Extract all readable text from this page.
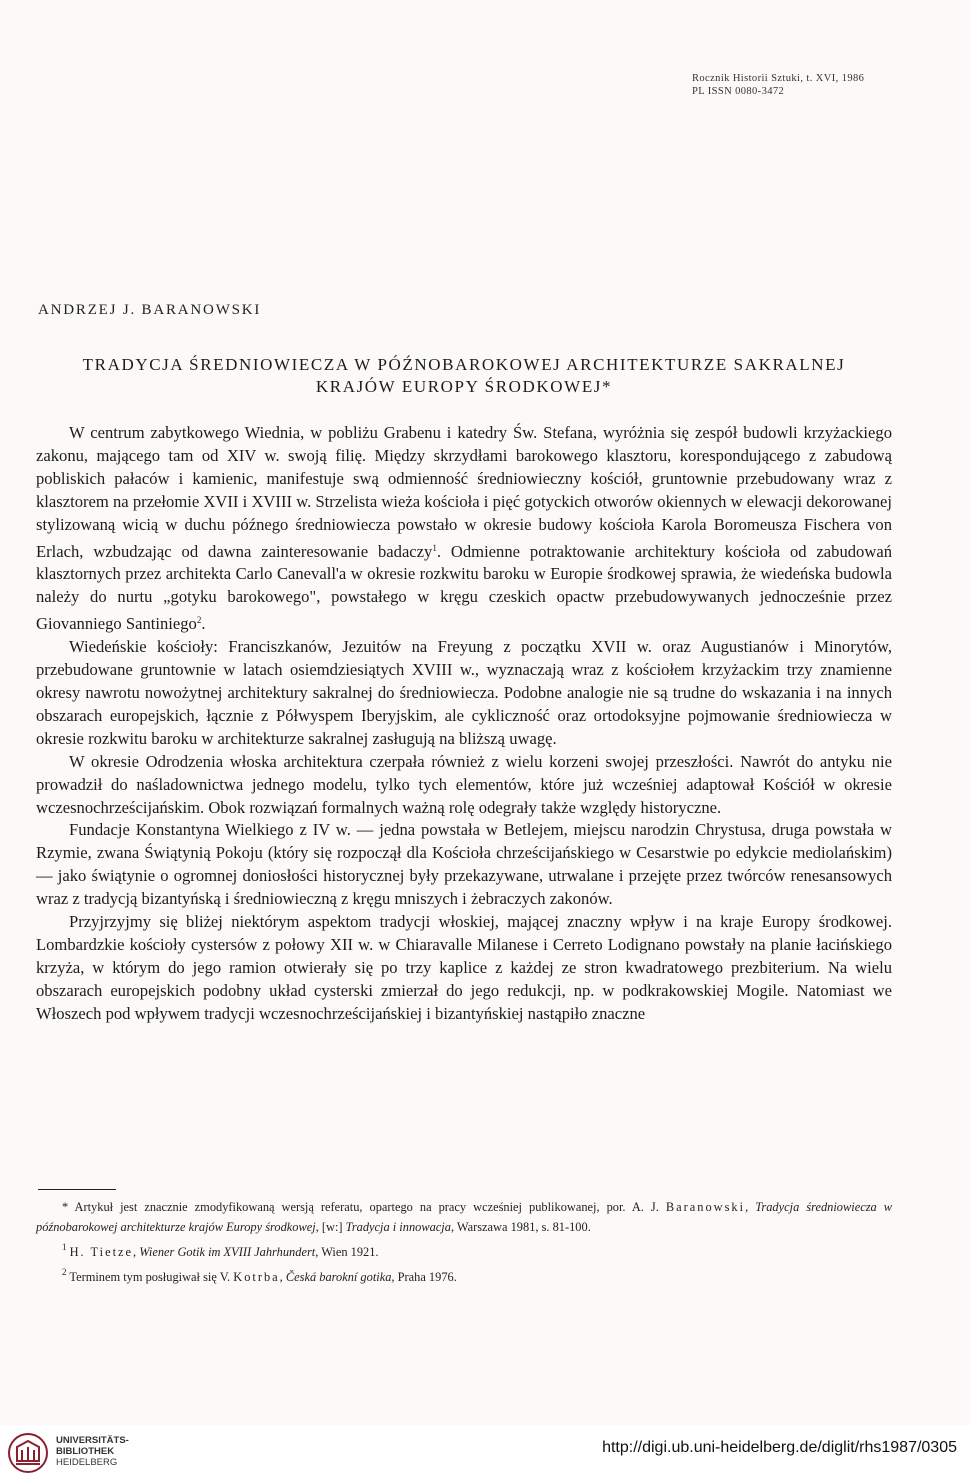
Rocznik Historii Sztuki, t. XVI, 1986
PL ISSN 0080-3472
ANDRZEJ J. BARANOWSKI
TRADYCJA ŚREDNIOWIECZA W PÓŹNOBAROKOWEJ ARCHITEKTURZE SAKRALNEJ
KRAJÓW EUROPY ŚRODKOWEJ*

W centrum zabytkowego Wiednia, w pobliżu Grabenu i katedry Św. Stefana, wyróżnia się zespół budowli krzyżackiego zakonu, mającego tam od XIV w. swoją filię. Między skrzydłami barokowego klasztoru, korespondującego z zabudową pobliskich pałaców i kamienic, manifestuje swą odmienność średniowieczny kościół, gruntownie przebudowany wraz z klasztorem na przełomie XVII i XVIII w. Strzelista wieża kościoła i pięć gotyckich otworów okiennych w elewacji dekorowanej stylizowaną wicią w duchu późnego średniowiecza powstało w okresie budowy kościoła Karola Boromeusza Fischera von Erlach, wzbudzając od dawna zainteresowanie badaczy$^1$. Odmienne potraktowanie architektury kościoła od zabudowań klasztornych przez architekta Carlo Canevall'a w okresie rozkwitu baroku w Europie środkowej sprawia, że wiedeńska budowla należy do nurtu „gotyku barokowego", powstałego w kręgu czeskich opactw przebudowywanych jednocześnie przez Giovanniego Santiniego$^2$.

Wiedeńskie kościoły: Franciszkanów, Jezuitów na Freyung z początku XVII w. oraz Augustianów i Minorytów, przebudowane gruntownie w latach osiemdziesiątych XVIII w., wyznaczają wraz z kościołem krzyżackim trzy znamienne okresy nawrotu nowożytnej architektury sakralnej do średniowiecza. Podobne analogie nie są trudne do wskazania i na innych obszarach europejskich, łącznie z Półwyspem Iberyjskim, ale cykliczność oraz ortodoksyjne pojmowanie średniowiecza w okresie rozkwitu baroku w architekturze sakralnej zasługują na bliższą uwagę.

W okresie Odrodzenia włoska architektura czerpała również z wielu korzeni swojej przeszłości. Nawrót do antyku nie prowadził do naśladownictwa jednego modelu, tylko tych elementów, które już wcześniej adaptował Kościół w okresie wczesnochrześcijańskim. Obok rozwiązań formalnych ważną rolę odegrały także względy historyczne.

Fundacje Konstantyna Wielkiego z IV w. — jedna powstała w Betlejem, miejscu narodzin Chrystusa, druga powstała w Rzymie, zwana Świątynią Pokoju (który się rozpoczął dla Kościoła chrześcijańskiego w Cesarstwie po edykcie mediolańskim) — jako świątynie o ogromnej doniosłości historycznej były przekazywane, utrwalane i przejęte przez twórców renesansowych wraz z tradycją bizantyńską i średniowieczną z kręgu mniszych i żebraczych zakonów.

Przyjrzyjmy się bliżej niektórym aspektom tradycji włoskiej, mającej znaczny wpływ i na kraje Europy środkowej. Lombardzkie kościoły cystersów z połowy XII w. w Chiaravalle Milanese i Cerreto Lodignano powstały na planie łacińskiego krzyża, w którym do jego ramion otwierały się po trzy kaplice z każdej ze stron kwadratowego prezbiterium. Na wielu obszarach europejskich podobny układ cysterski zmierzał do jego redukcji, np. w podkrakowskiej Mogile. Natomiast we Włoszech pod wpływem tradycji wczesnochrześcijańskiej i bizantyńskiej nastąpiło znaczne

* Artykuł jest znacznie zmodyfikowaną wersją referatu, opartego na pracy wcześniej publikowanej, por. A. J. Baranowski, Tradycja średniowiecza w późnobarokowej architekturze krajów Europy środkowej, [w:] Tradycja i innowacja, Warszawa 1981, s. 81-100.

$^1$ H. Tietze, Wiener Gotik im XVIII Jahrhundert, Wien 1921.

$^2$ Terminem tym posługiwał się V. Kotrba, Česká barokní gotika, Praha 1976.

UNIVERSITÄTS-
BIBLIOTHEK
HEIDELBERG
http://digi.ub.uni-heidelberg.de/diglit/rhs1987/0305
